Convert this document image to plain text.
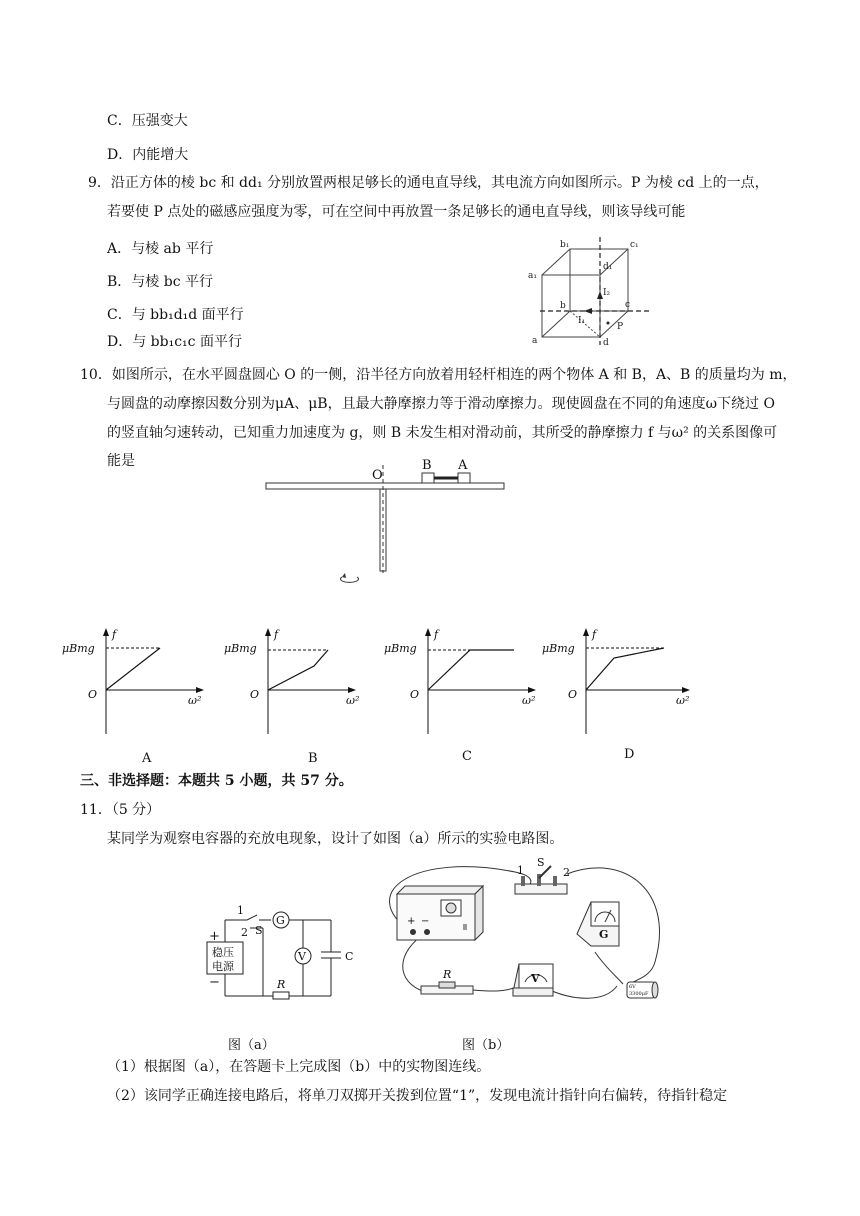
C．压强变大
D．内能增大
9．沿正方体的棱 bc 和 dd₁ 分别放置两根足够长的通电直导线，其电流方向如图所示。P 为棱 cd 上的一点，
若要使 P 点处的磁感应强度为零，可在空间中再放置一条足够长的通电直导线，则该导线可能
A．与棱 ab 平行
B．与棱 bc 平行
C．与 bb₁d₁d 面平行
D．与 bb₁c₁c 面平行
b₁	c₁
a₁
d₁
I₂
b	c
I₁
P
a	d
10．如图所示，在水平圆盘圆心 O 的一侧，沿半径方向放着用轻杆相连的两个物体 A 和 B，A、B 的质量均为 m，
与圆盘的动摩擦因数分别为μA、μB，且最大静摩擦力等于滑动摩擦力。现使圆盘在不同的角速度ω下绕过 O
的竖直轴匀速转动，已知重力加速度为 g，则 B 未发生相对滑动前，其所受的静摩擦力 f 与ω² 的关系图像可
能是
O
B A
μBmg
f
O	ω²
A
μBmg
f
O	ω²
B
μBmg
f
O	ω²
C
μBmg
f
O	ω²
D
三、非选择题：本题共 5 小题，共 57 分。
11．（5 分）
某同学为观察电容器的充放电现象，设计了如图（a）所示的实验电路图。
1
2 S
G
V	C
R
+
−
稳压
电源
图（a）
+ −
1
S
2
G
V
R
6V
3300μF
图（b）
（1）根据图（a），在答题卡上完成图（b）中的实物图连线。
（2）该同学正确连接电路后，将单刀双掷开关拨到位置“1”，发现电流计指针向右偏转，待指针稳定
